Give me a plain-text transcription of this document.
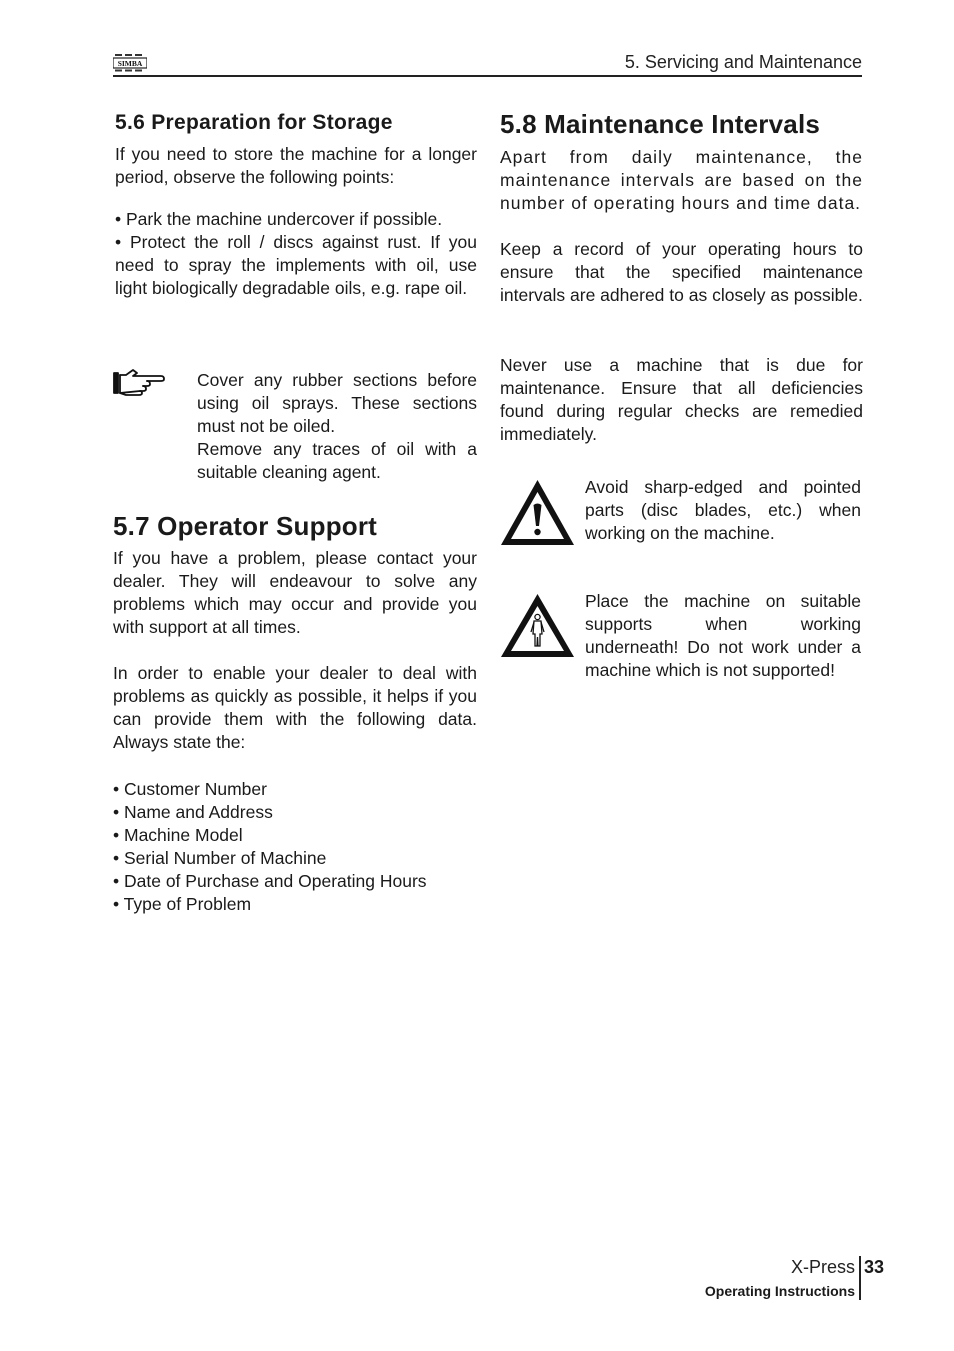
SIMBA	5. Servicing and Maintenance
5.6 Preparation for Storage

If you need to store the machine for a longer period, observe the following points:

• Park the machine undercover if possible.

• Protect the roll / discs against rust. If you need to spray the implements with oil, use light biologically degradable oils, e.g. rape oil.

Cover any rubber sections before using oil sprays. These sections must not be oiled.

Remove any traces of oil with a suitable cleaning agent.

5.7 Operator Support

If you have a problem, please contact your dealer. They will endeavour to solve any problems which may occur and provide you with support at all times.

In order to enable your dealer to deal with problems as quickly as possible, it helps if you can provide them with the following data. Always state the:

• Customer Number
• Name and Address
• Machine Model
• Serial Number of Machine
• Date of Purchase and Operating Hours
• Type of Problem
5.8 Maintenance Intervals

Apart from daily maintenance, the maintenance intervals are based on the number of operating hours and time data.

Keep a record of your operating hours to ensure that the specified maintenance intervals are adhered to as closely as possible.

Never use a machine that is due for maintenance. Ensure that all deficiencies found during regular checks are remedied immediately.

Avoid sharp-edged and pointed parts (disc blades, etc.) when working on the machine.

Place the machine on suitable supports when working underneath! Do not work under a machine which is not supported!

X-Press 33
Operating Instructions
